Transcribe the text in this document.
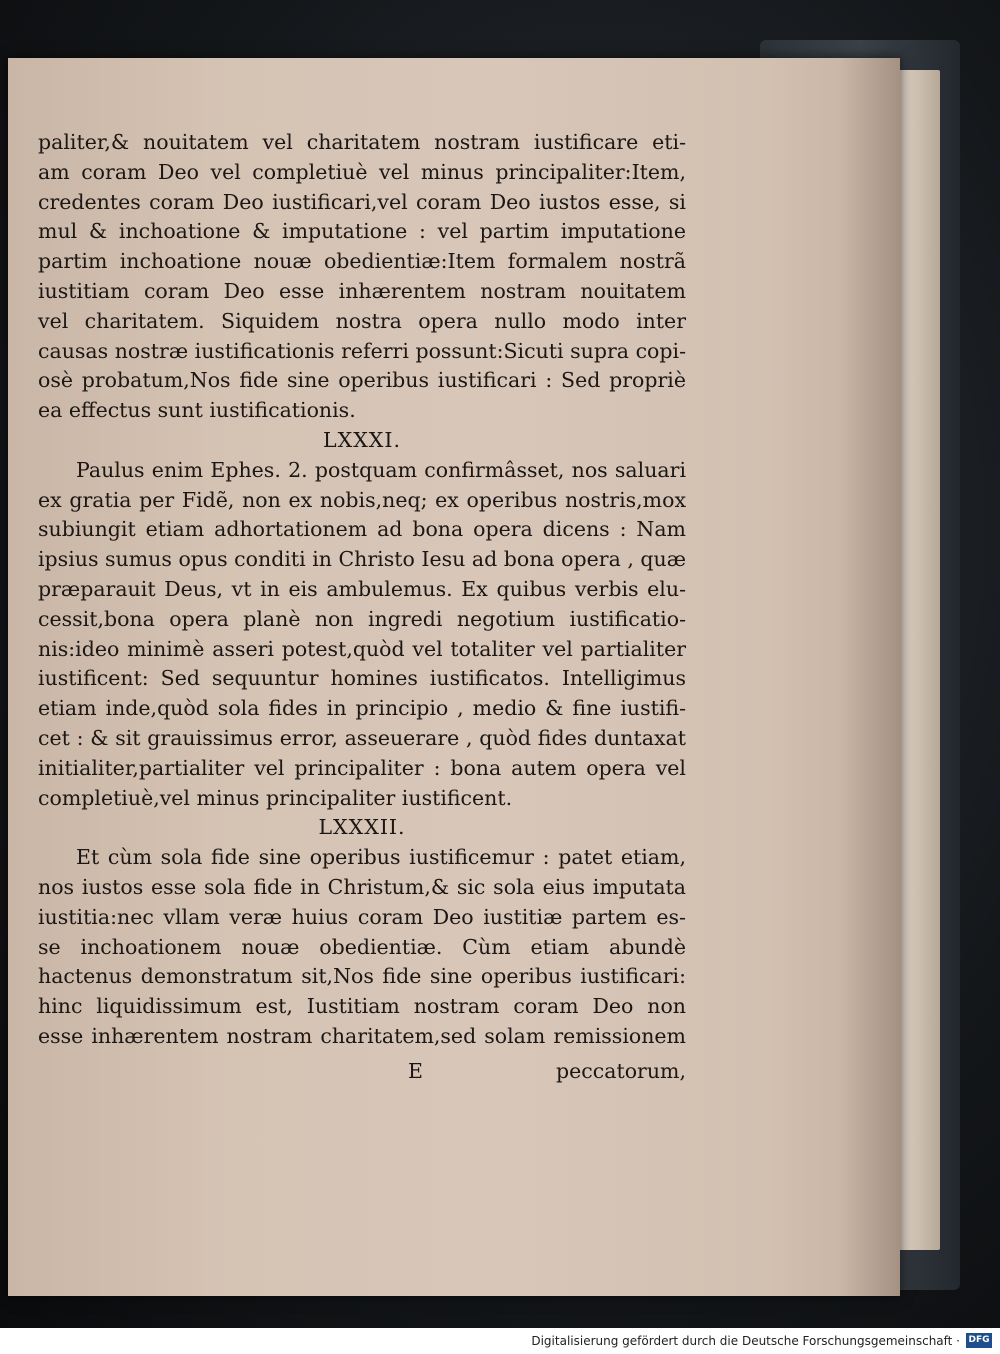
paliter,& nouitatem vel charitatem nostram iustificare eti-
am coram Deo vel completiuè vel minus principaliter:Item,
credentes coram Deo iustificari,vel coram Deo iustos esse, si
mul & inchoatione & imputatione : vel partim imputatione
partim inchoatione nouæ obedientiæ:Item formalem nostrã
iustitiam coram Deo esse inhærentem nostram nouitatem
vel charitatem. Siquidem nostra opera nullo modo inter
causas nostræ iustificationis referri possunt:Sicuti supra copi-
osè probatum,Nos fide sine operibus iustificari : Sed propriè
ea effectus sunt iustificationis.
LXXXI.
Paulus enim Ephes. 2. postquam confirmâsset, nos saluari
ex gratia per Fidẽ, non ex nobis,neq; ex operibus nostris,mox
subiungit etiam adhortationem ad bona opera dicens : Nam
ipsius sumus opus conditi in Christo Iesu ad bona opera , quæ
præparauit Deus, vt in eis ambulemus. Ex quibus verbis elu-
cessit,bona opera planè non ingredi negotium iustificatio-
nis:ideo minimè asseri potest,quòd vel totaliter vel partialiter
iustificent: Sed sequuntur homines iustificatos. Intelligimus
etiam inde,quòd sola fides in principio , medio & fine iustifi-
cet : & sit grauissimus error, asseuerare , quòd fides duntaxat
initialiter,partialiter vel principaliter : bona autem opera vel
completiuè,vel minus principaliter iustificent.
LXXXII.
Et cùm sola fide sine operibus iustificemur : patet etiam,
nos iustos esse sola fide in Christum,& sic sola eius imputata
iustitia:nec vllam veræ huius coram Deo iustitiæ partem es-
se inchoationem nouæ obedientiæ. Cùm etiam abundè
hactenus demonstratum sit,Nos fide sine operibus iustificari:
hinc liquidissimum est, Iustitiam nostram coram Deo non
esse inhærentem nostram charitatem,sed solam remissionem
E	peccatorum,
Digitalisierung gefördert durch die Deutsche Forschungsgemeinschaft · DFG
